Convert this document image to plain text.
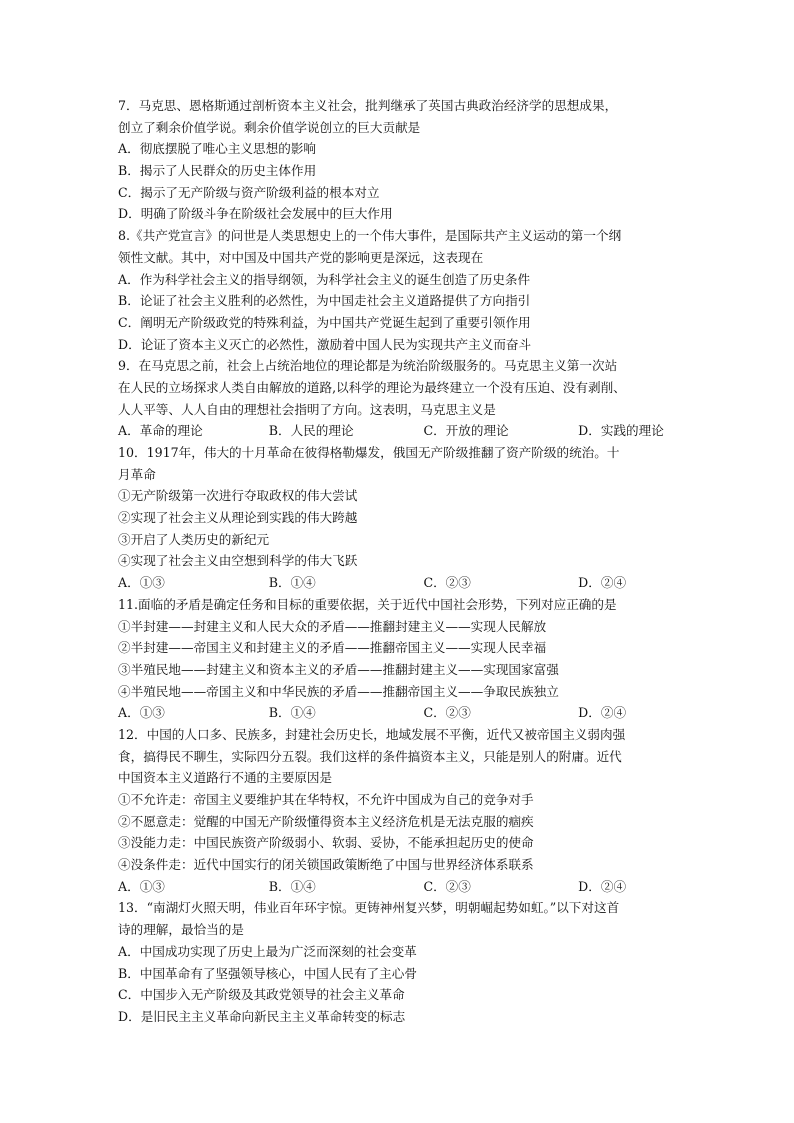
7．马克思、恩格斯通过剖析资本主义社会，批判继承了英国古典政治经济学的思想成果，
创立了剩余价值学说。剩余价值学说创立的巨大贡献是
A．彻底摆脱了唯心主义思想的影响
B．揭示了人民群众的历史主体作用
C．揭示了无产阶级与资产阶级利益的根本对立
D．明确了阶级斗争在阶级社会发展中的巨大作用
8.《共产党宣言》的问世是人类思想史上的一个伟大事件，是国际共产主义运动的第一个纲
领性文献。其中，对中国及中国共产党的影响更是深远，这表现在
A．作为科学社会主义的指导纲领，为科学社会主义的诞生创造了历史条件
B．论证了社会主义胜利的必然性，为中国走社会主义道路提供了方向指引
C．阐明无产阶级政党的特殊利益，为中国共产党诞生起到了重要引领作用
D．论证了资本主义灭亡的必然性，激励着中国人民为实现共产主义而奋斗
9．在马克思之前，社会上占统治地位的理论都是为统治阶级服务的。马克思主义第一次站
在人民的立场探求人类自由解放的道路,以科学的理论为最终建立一个没有压迫、没有剥削、
人人平等、人人自由的理想社会指明了方向。这表明，马克思主义是
A．革命的理论	B．人民的理论	C．开放的理论	D．实践的理论
10．1917年，伟大的十月革命在彼得格勒爆发，俄国无产阶级推翻了资产阶级的统治。十
月革命
①无产阶级第一次进行夺取政权的伟大尝试
②实现了社会主义从理论到实践的伟大跨越
③开启了人类历史的新纪元
④实现了社会主义由空想到科学的伟大飞跃
A．①③	B．①④	C．②③	D．②④
11.面临的矛盾是确定任务和目标的重要依据，关于近代中国社会形势，下列对应正确的是
①半封建——封建主义和人民大众的矛盾——推翻封建主义——实现人民解放
②半封建——帝国主义和封建主义的矛盾——推翻帝国主义——实现人民幸福
③半殖民地——封建主义和资本主义的矛盾——推翻封建主义——实现国家富强
④半殖民地——帝国主义和中华民族的矛盾——推翻帝国主义——争取民族独立
A．①③	B．①④	C．②③	D．②④
12．中国的人口多、民族多，封建社会历史长，地域发展不平衡，近代又被帝国主义弱肉强
食，搞得民不聊生，实际四分五裂。我们这样的条件搞资本主义，只能是别人的附庸。近代
中国资本主义道路行不通的主要原因是
①不允许走：帝国主义要维护其在华特权，不允许中国成为自己的竞争对手
②不愿意走：觉醒的中国无产阶级懂得资本主义经济危机是无法克服的痼疾
③没能力走：中国民族资产阶级弱小、软弱、妥协，不能承担起历史的使命
④没条件走：近代中国实行的闭关锁国政策断绝了中国与世界经济体系联系
A．①③	B．①④	C．②③	D．②④
13．“南湖灯火照天明，伟业百年环宇惊。更铸神州复兴梦，明朝崛起势如虹。”以下对这首
诗的理解，最恰当的是
A．中国成功实现了历史上最为广泛而深刻的社会变革
B．中国革命有了坚强领导核心，中国人民有了主心骨
C．中国步入无产阶级及其政党领导的社会主义革命
D．是旧民主主义革命向新民主主义革命转变的标志
